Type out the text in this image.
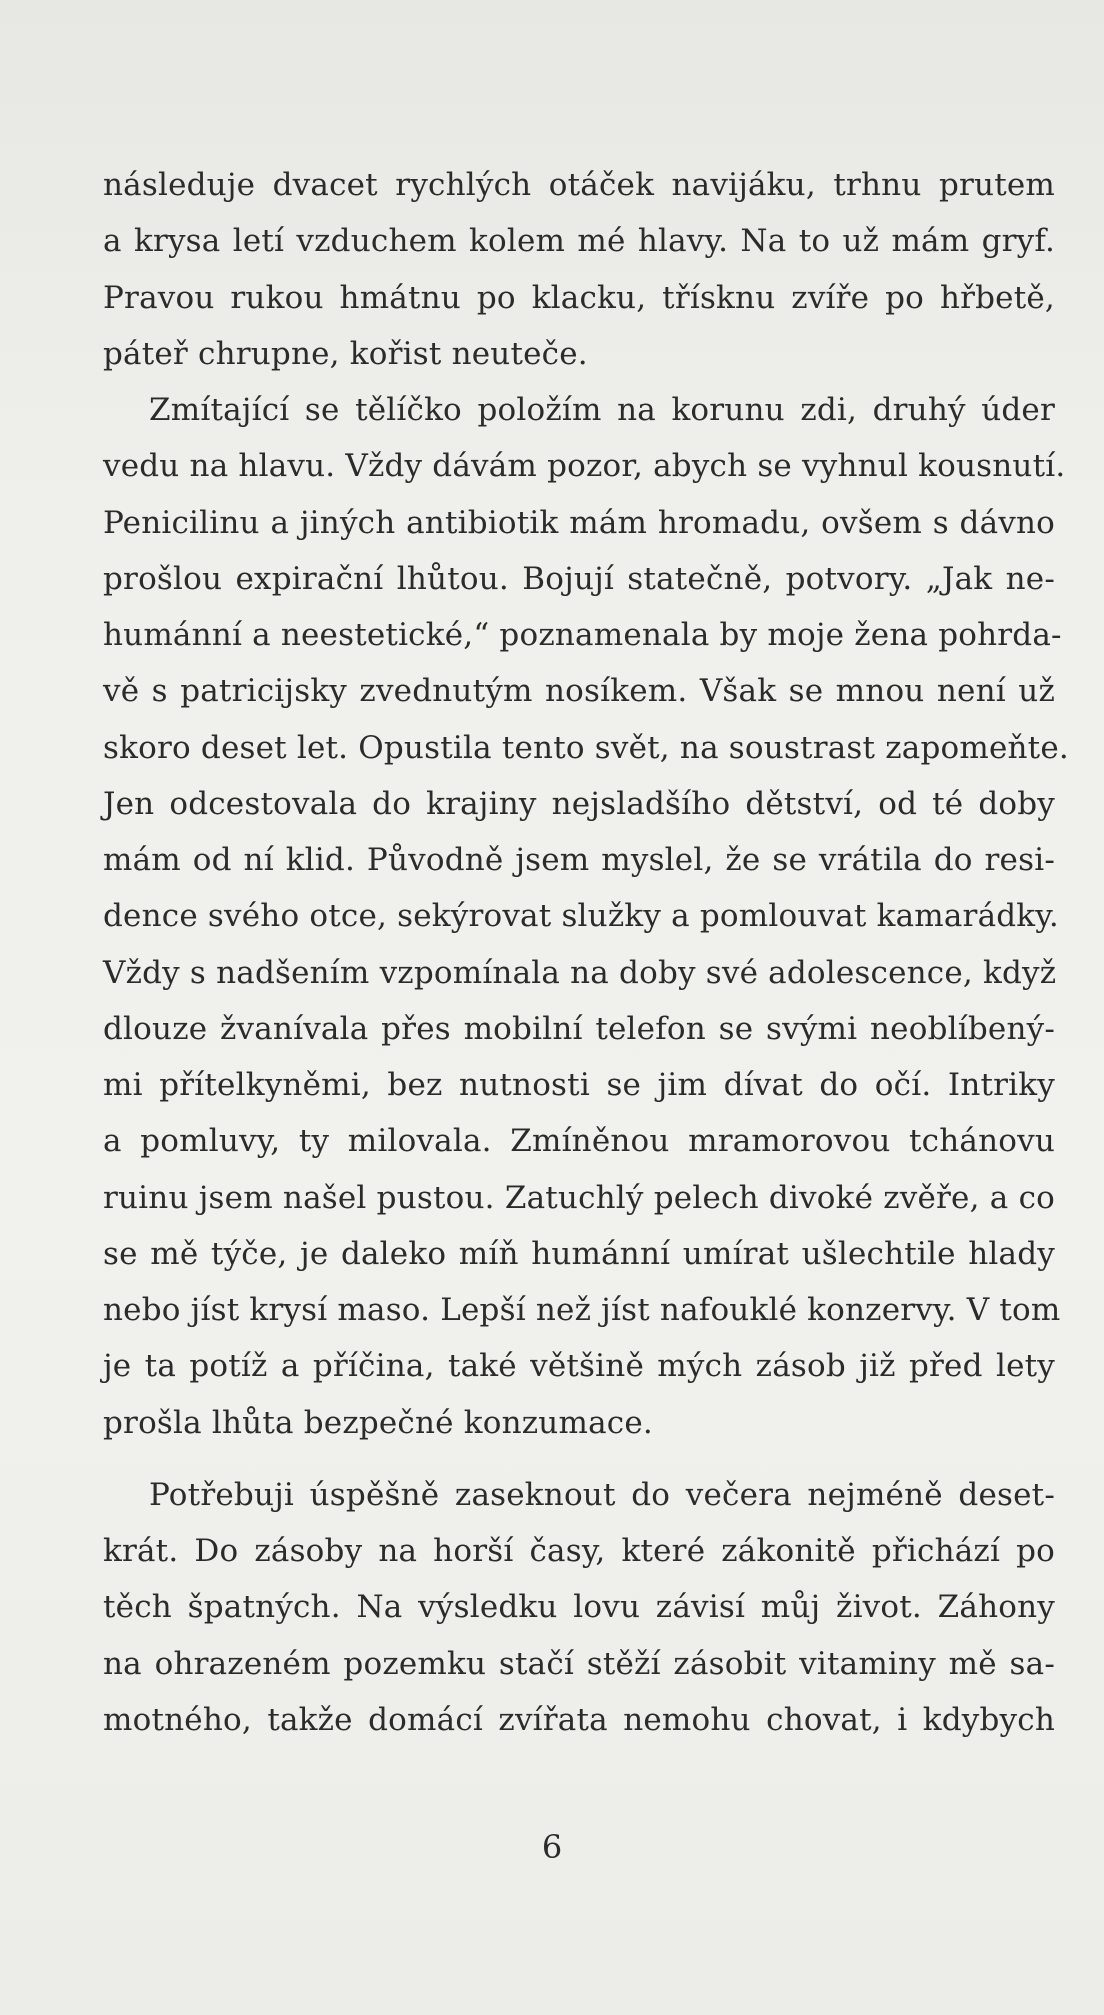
následuje dvacet rychlých otáček navijáku, trhnu prutem
a krysa letí vzduchem kolem mé hlavy. Na to už mám gryf.
Pravou rukou hmátnu po klacku, třísknu zvíře po hřbetě,
páteř chrupne, kořist neuteče.
Zmítající se tělíčko položím na korunu zdi, druhý úder
vedu na hlavu. Vždy dávám pozor, abych se vyhnul kousnutí.
Penicilinu a jiných antibiotik mám hromadu, ovšem s dávno
prošlou expirační lhůtou. Bojují statečně, potvory. „Jak ne-
humánní a neestetické,“ poznamenala by moje žena pohrda-
vě s patricijsky zvednutým nosíkem. Však se mnou není už
skoro deset let. Opustila tento svět, na soustrast zapomeňte.
Jen odcestovala do krajiny nejsladšího dětství, od té doby
mám od ní klid. Původně jsem myslel, že se vrátila do resi-
dence svého otce, sekýrovat služky a pomlouvat kamarádky.
Vždy s nadšením vzpomínala na doby své adolescence, když
dlouze žvanívala přes mobilní telefon se svými neoblíbený-
mi přítelkyněmi, bez nutnosti se jim dívat do očí. Intriky
a pomluvy, ty milovala. Zmíněnou mramorovou tchánovu
ruinu jsem našel pustou. Zatuchlý pelech divoké zvěře, a co
se mě týče, je daleko míň humánní umírat ušlechtile hlady
nebo jíst krysí maso. Lepší než jíst nafouklé konzervy. V tom
je ta potíž a příčina, také většině mých zásob již před lety
prošla lhůta bezpečné konzumace.
Potřebuji úspěšně zaseknout do večera nejméně deset-
krát. Do zásoby na horší časy, které zákonitě přichází po
těch špatných. Na výsledku lovu závisí můj život. Záhony
na ohrazeném pozemku stačí stěží zásobit vitaminy mě sa-
motného, takže domácí zvířata nemohu chovat, i kdybych
6
